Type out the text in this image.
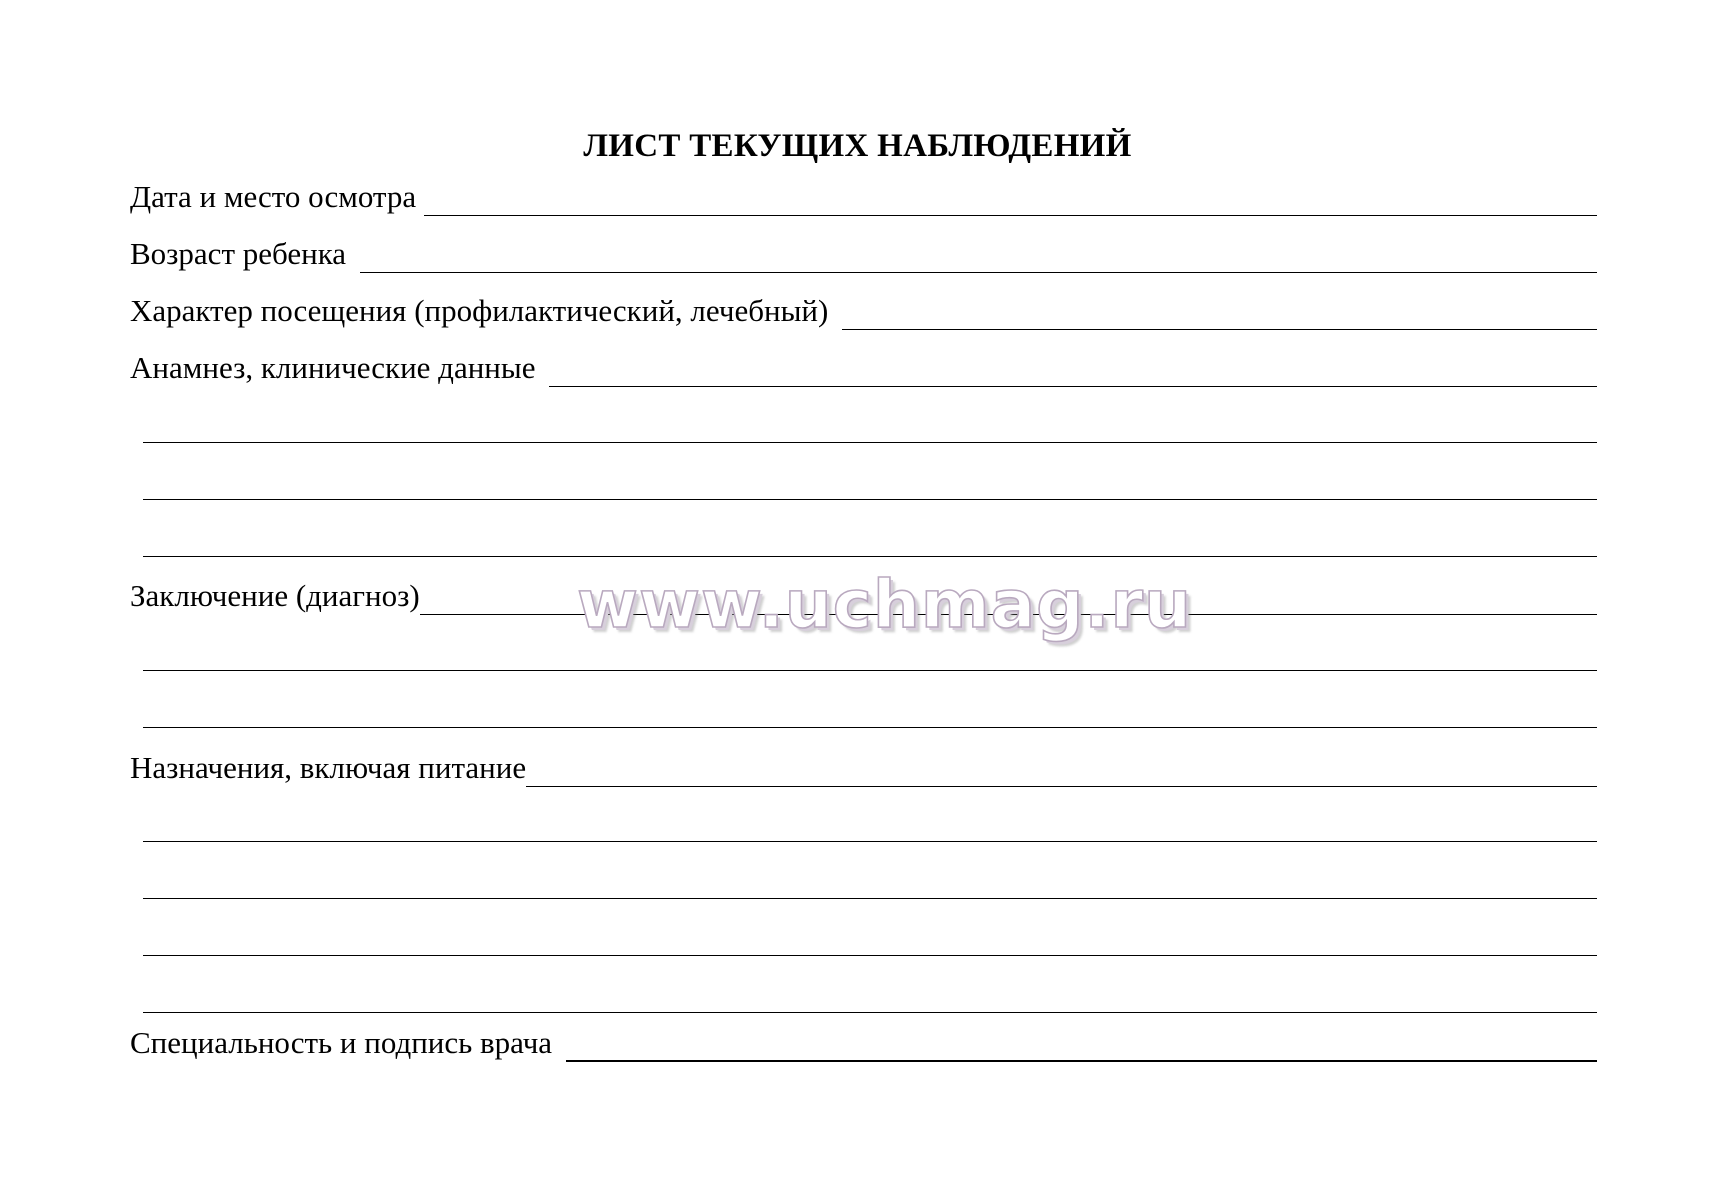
ЛИСТ ТЕКУЩИХ НАБЛЮДЕНИЙ
Дата и место осмотра
Возраст ребенка
Характер посещения (профилактический, лечебный)
Анамнез, клинические данные
Заключение (диагноз)
Назначения, включая питание
Специальность и подпись врача
www.uchmag.ru
